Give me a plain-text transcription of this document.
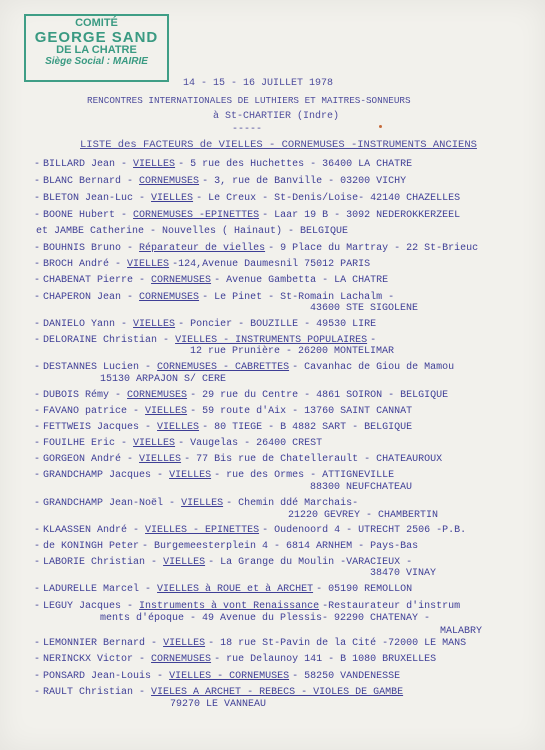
COMITÉ
GEORGE SAND
DE LA CHATRE
Siège Social : MAIRIE
14 - 15 - 16 JUILLET 1978
RENCONTRES INTERNATIONALES DE LUTHIERS ET MAITRES-SONNEURS
à St-CHARTIER (Indre)
-----
LISTE des FACTEURS de VIELLES - CORNEMUSES -INSTRUMENTS ANCIENS
- BILLARD Jean - VIELLES - 5 rue des Huchettes - 36400 LA CHATRE
- BLANC Bernard - CORNEMUSES - 3, rue de Banville - 03200 VICHY
- BLETON Jean-Luc - VIELLES - Le Creux - St-Denis/Loise- 42140 CHAZELLES
- BOONE Hubert - CORNEMUSES -EPINETTES - Laar 19 B - 3092 NEDEROKKERZEEL
et JAMBE Catherine - Nouvelles ( Hainaut) - BELGIQUE
- BOUHNIS Bruno - Réparateur de vielles - 9 Place du Martray - 22 St-Brieuc
- BROCH André - VIELLES -124,Avenue Daumesnil 75012 PARIS
- CHABENAT Pierre - CORNEMUSES - Avenue Gambetta - LA CHATRE
- CHAPERON Jean - CORNEMUSES - Le Pinet - St-Romain Lachalm -
43600 STE SIGOLENE
- DANIELO Yann - VIELLES - Poncier - BOUZILLE - 49530 LIRE
- DELORAINE Christian - VIELLES - INSTRUMENTS POPULAIRES -
12 rue Prunière - 26200 MONTELIMAR
- DESTANNES Lucien - CORNEMUSES - CABRETTES - Cavanhac de Giou de Mamou
15130 ARPAJON S/ CERE
- DUBOIS Rémy - CORNEMUSES - 29 rue du Centre - 4861 SOIRON - BELGIQUE
- FAVANO patrice - VIELLES - 59 route d'Aix - 13760 SAINT CANNAT
- FETTWEIS Jacques - VIELLES - 80 TIEGE - B 4882 SART - BELGIQUE
- FOUILHE Eric - VIELLES - Vaugelas - 26400 CREST
- GORGEON André - VIELLES - 77 Bis rue de Chatellerault - CHATEAUROUX
- GRANDCHAMP Jacques - VIELLES - rue des Ormes - ATTIGNEVILLE
88300 NEUFCHATEAU
- GRANDCHAMP Jean-Noël - VIELLES - Chemin ddé Marchais-
21220 GEVREY - CHAMBERTIN
- KLAASSEN André - VIELLES - EPINETTES - Oudenoord 4 - UTRECHT 2506 -P.B.
- de KONINGH Peter - Burgemeesterplein 4 - 6814 ARNHEM - Pays-Bas
- LABORIE Christian - VIELLES - La Grange du Moulin -VARACIEUX -
38470 VINAY
- LADURELLE Marcel - VIELLES à ROUE et à ARCHET - 05190 REMOLLON
- LEGUY Jacques - Instruments à vont Renaissance -Restaurateur d'instrum
ments d'époque - 49 Avenue du Plessis- 92290 CHATENAY -
- LEMONNIER Bernard - VIELLES - 18 rue St-Pavin de la Cité -72000 LE MANS
- NERINCKX Victor - CORNEMUSES - rue Delaunoy 141 - B 1080 BRUXELLES
- PONSARD Jean-Louis - VIELLES - CORNEMUSES - 58250 VANDENESSE
- RAULT Christian - VIELES A ARCHET - REBECS - VIOLES DE GAMBE
79270 LE VANNEAU
MALABRY
